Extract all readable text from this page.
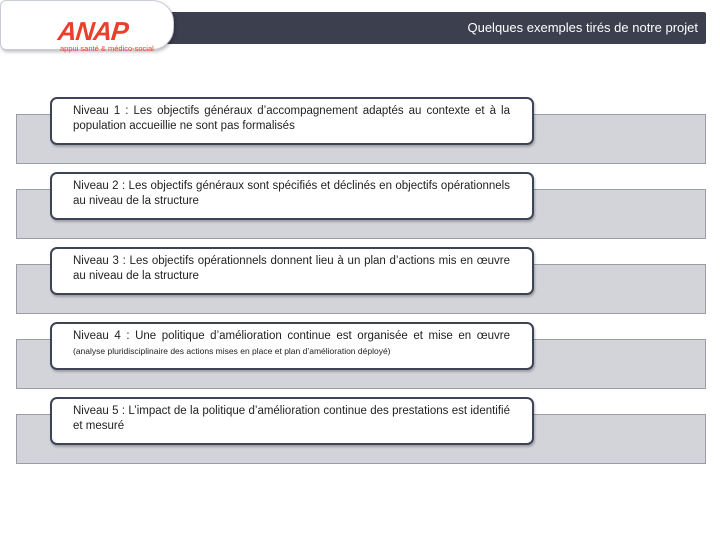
Quelques exemples tirés de notre projet
ANAP
appui santé & médico-social
Niveau 1 : Les objectifs généraux d’accompagnement adaptés au contexte et à la population accueillie ne sont pas formalisés
Niveau 2 : Les objectifs généraux sont spécifiés et déclinés en objectifs opérationnels au niveau de la structure
Niveau 3 : Les objectifs opérationnels donnent lieu à un plan d’actions mis en œuvre au niveau de la structure
Niveau 4 : Une politique d’amélioration continue est organisée et mise en œuvre (analyse pluridisciplinaire des actions mises en place et plan d’amélioration déployé)
Niveau 5 : L’impact de la politique d’amélioration continue des prestations est identifié et mesuré
